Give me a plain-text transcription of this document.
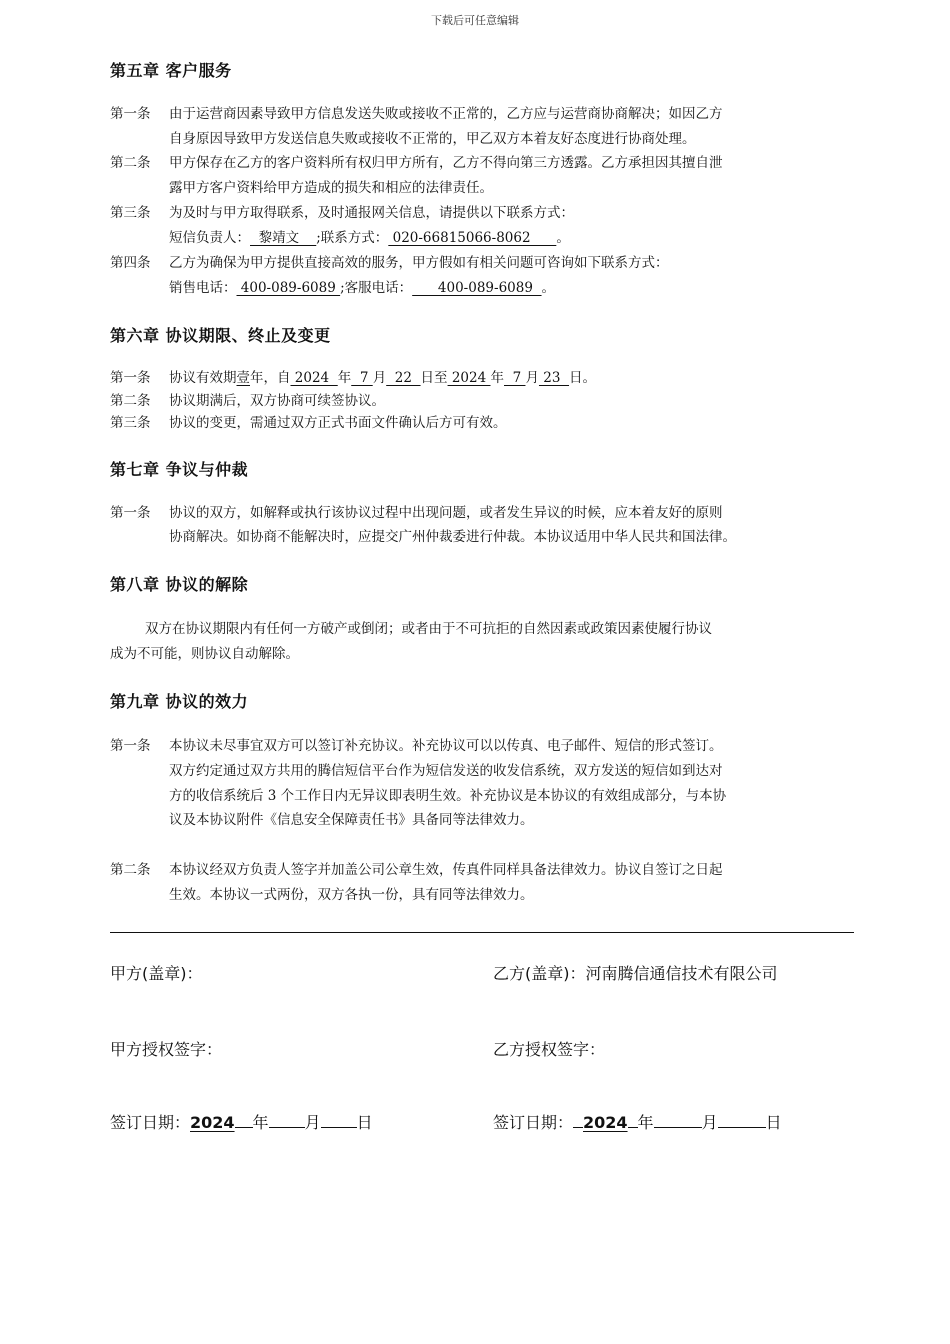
下载后可任意编辑
第五章 客户服务
第一条 由于运营商因素导致甲方信息发送失败或接收不正常的，乙方应与运营商协商解决；如因乙方
自身原因导致甲方发送信息失败或接收不正常的，甲乙双方本着友好态度进行协商处理。
第二条 甲方保存在乙方的客户资料所有权归甲方所有，乙方不得向第三方透露。乙方承担因其擅自泄
露甲方客户资料给甲方造成的损失和相应的法律责任。
第三条 为及时与甲方取得联系，及时通报网关信息，请提供以下联系方式：
短信负责人：  黎靖文    ;联系方式： 020-66815066-8062      。
第四条 乙方为确保为甲方提供直接高效的服务，甲方假如有相关问题可咨询如下联系方式：
销售电话： 400-089-6089 ;客服电话：      400-089-6089  。
第六章 协议期限、终止及变更
第一条 协议有效期壹年，自 2024  年  7 月  22  日至 2024 年  7 月 23  日。
第二条 协议期满后，双方协商可续签协议。
第三条 协议的变更，需通过双方正式书面文件确认后方可有效。
第七章 争议与仲裁
第一条 协议的双方，如解释或执行该协议过程中出现问题，或者发生异议的时候，应本着友好的原则
协商解决。如协商不能解决时，应提交广州仲裁委进行仲裁。本协议适用中华人民共和国法律。
第八章 协议的解除
双方在协议期限内有任何一方破产或倒闭；或者由于不可抗拒的自然因素或政策因素使履行协议
成为不可能，则协议自动解除。
第九章 协议的效力
第一条 本协议未尽事宜双方可以签订补充协议。补充协议可以以传真、电子邮件、短信的形式签订。
双方约定通过双方共用的腾信短信平台作为短信发送的收发信系统，双方发送的短信如到达对
方的收信系统后 3 个工作日内无异议即表明生效。补充协议是本协议的有效组成部分，与本协
议及本协议附件《信息安全保障责任书》具备同等法律效力。
第二条 本协议经双方负责人签字并加盖公司公章生效，传真件同样具备法律效力。协议自签订之日起
生效。本协议一式两份，双方各执一份，具有同等法律效力。
甲方(盖章)：	乙方(盖章)：河南腾信通信技术有限公司
甲方授权签字：	乙方授权签字：
签订日期：2024 年 月 日	签订日期： 2024 年	月	日
